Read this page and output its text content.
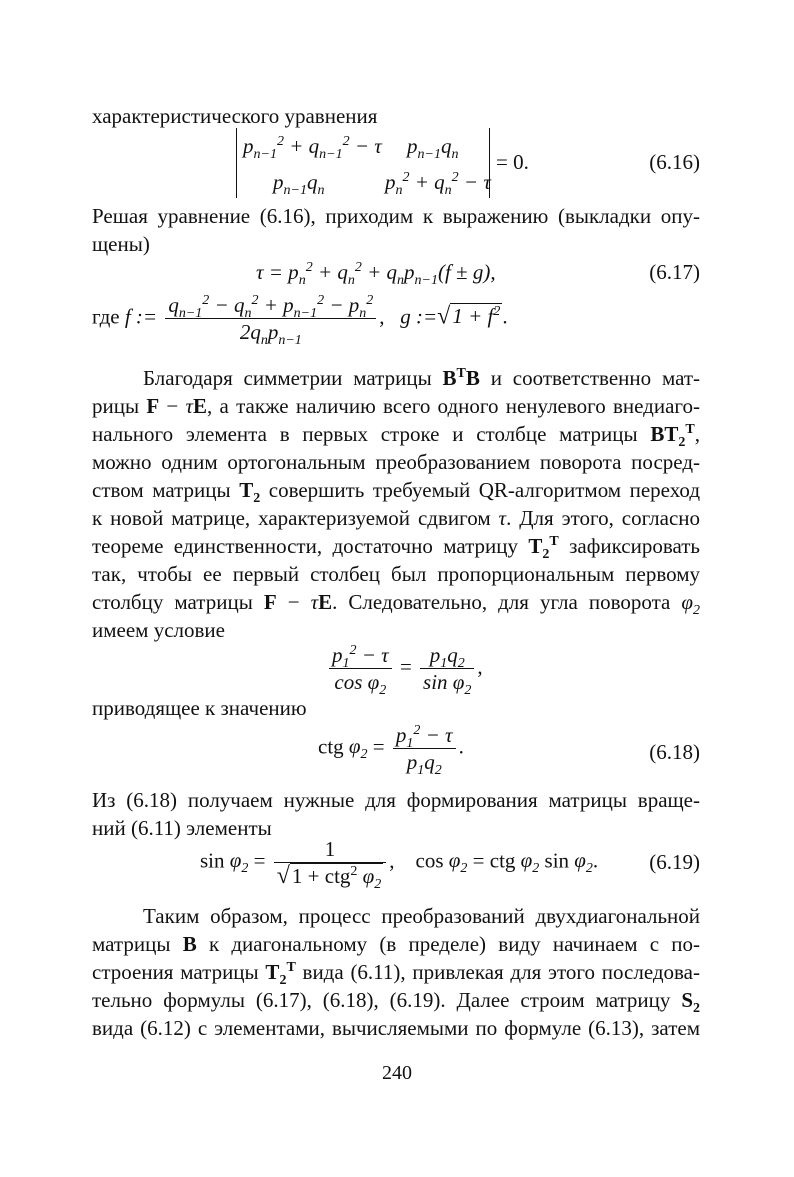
характеристического уравнения
$p_{n-1}^2 + q_{n-1}^2 - \tau$ $p_{n-1}q_n$
$p_{n-1}q_n$	$p_n^2 + q_n^2 - \tau$
= 0.	(6.16)
Решая уравнение (6.16), приходим к выражению (выкладки опу-
щены)
$\tau = p_n^2 + q_n^2 + q_np_{n-1}(f \pm g)$,	(6.17)
где f := $\frac{q_{n-1}^2 - q_n^2 + p_{n-1}^2 - p_n^2}{2q_np_{n-1}}$ ,   g :=√1 + $f^2$.
Благодаря симметрии матрицы $B^TB$ и соответственно мат-
рицы F − τE, а также наличию всего одного ненулевого внедиаго-
нального элемента в первых строке и столбце матрицы $BT_2^T$,
можно одним ортогональным преобразованием поворота посред-
ством матрицы $T_2$ совершить требуемый QR-алгоритмом переход
к новой матрице, характеризуемой сдвигом τ. Для этого, согласно
теореме единственности, достаточно матрицу $T_2^T$ зафиксировать
так, чтобы ее первый столбец был пропорциональным первому
столбцу матрицы F − τE. Следовательно, для угла поворота $\varphi_2$
имеем условие
$\frac{p_1^2 - \tau}{\cos \varphi_2} = \frac{p_1q_2}{\sin \varphi_2}$ ,
приводящее к значению
ctg $\varphi_2 = \frac{p_1^2 - \tau}{p_1q_2}$ .	(6.18)
Из (6.18) получаем нужные для формирования матрицы враще-
ний (6.11) элементы
$\sin \varphi_2 = \frac{1}{√1 + ctg^2 \varphi_2}$ ,    $\cos \varphi_2$ = ctg $\varphi_2$ $\sin \varphi_2$. (6.19)
Таким образом, процесс преобразований двухдиагональной
матрицы B к диагональному (в пределе) виду начинаем с по-
строения матрицы $T_2^T$ вида (6.11), привлекая для этого последова-
тельно формулы (6.17), (6.18), (6.19). Далее строим матрицу $S_2$
вида (6.12) с элементами, вычисляемыми по формуле (6.13), затем
240
